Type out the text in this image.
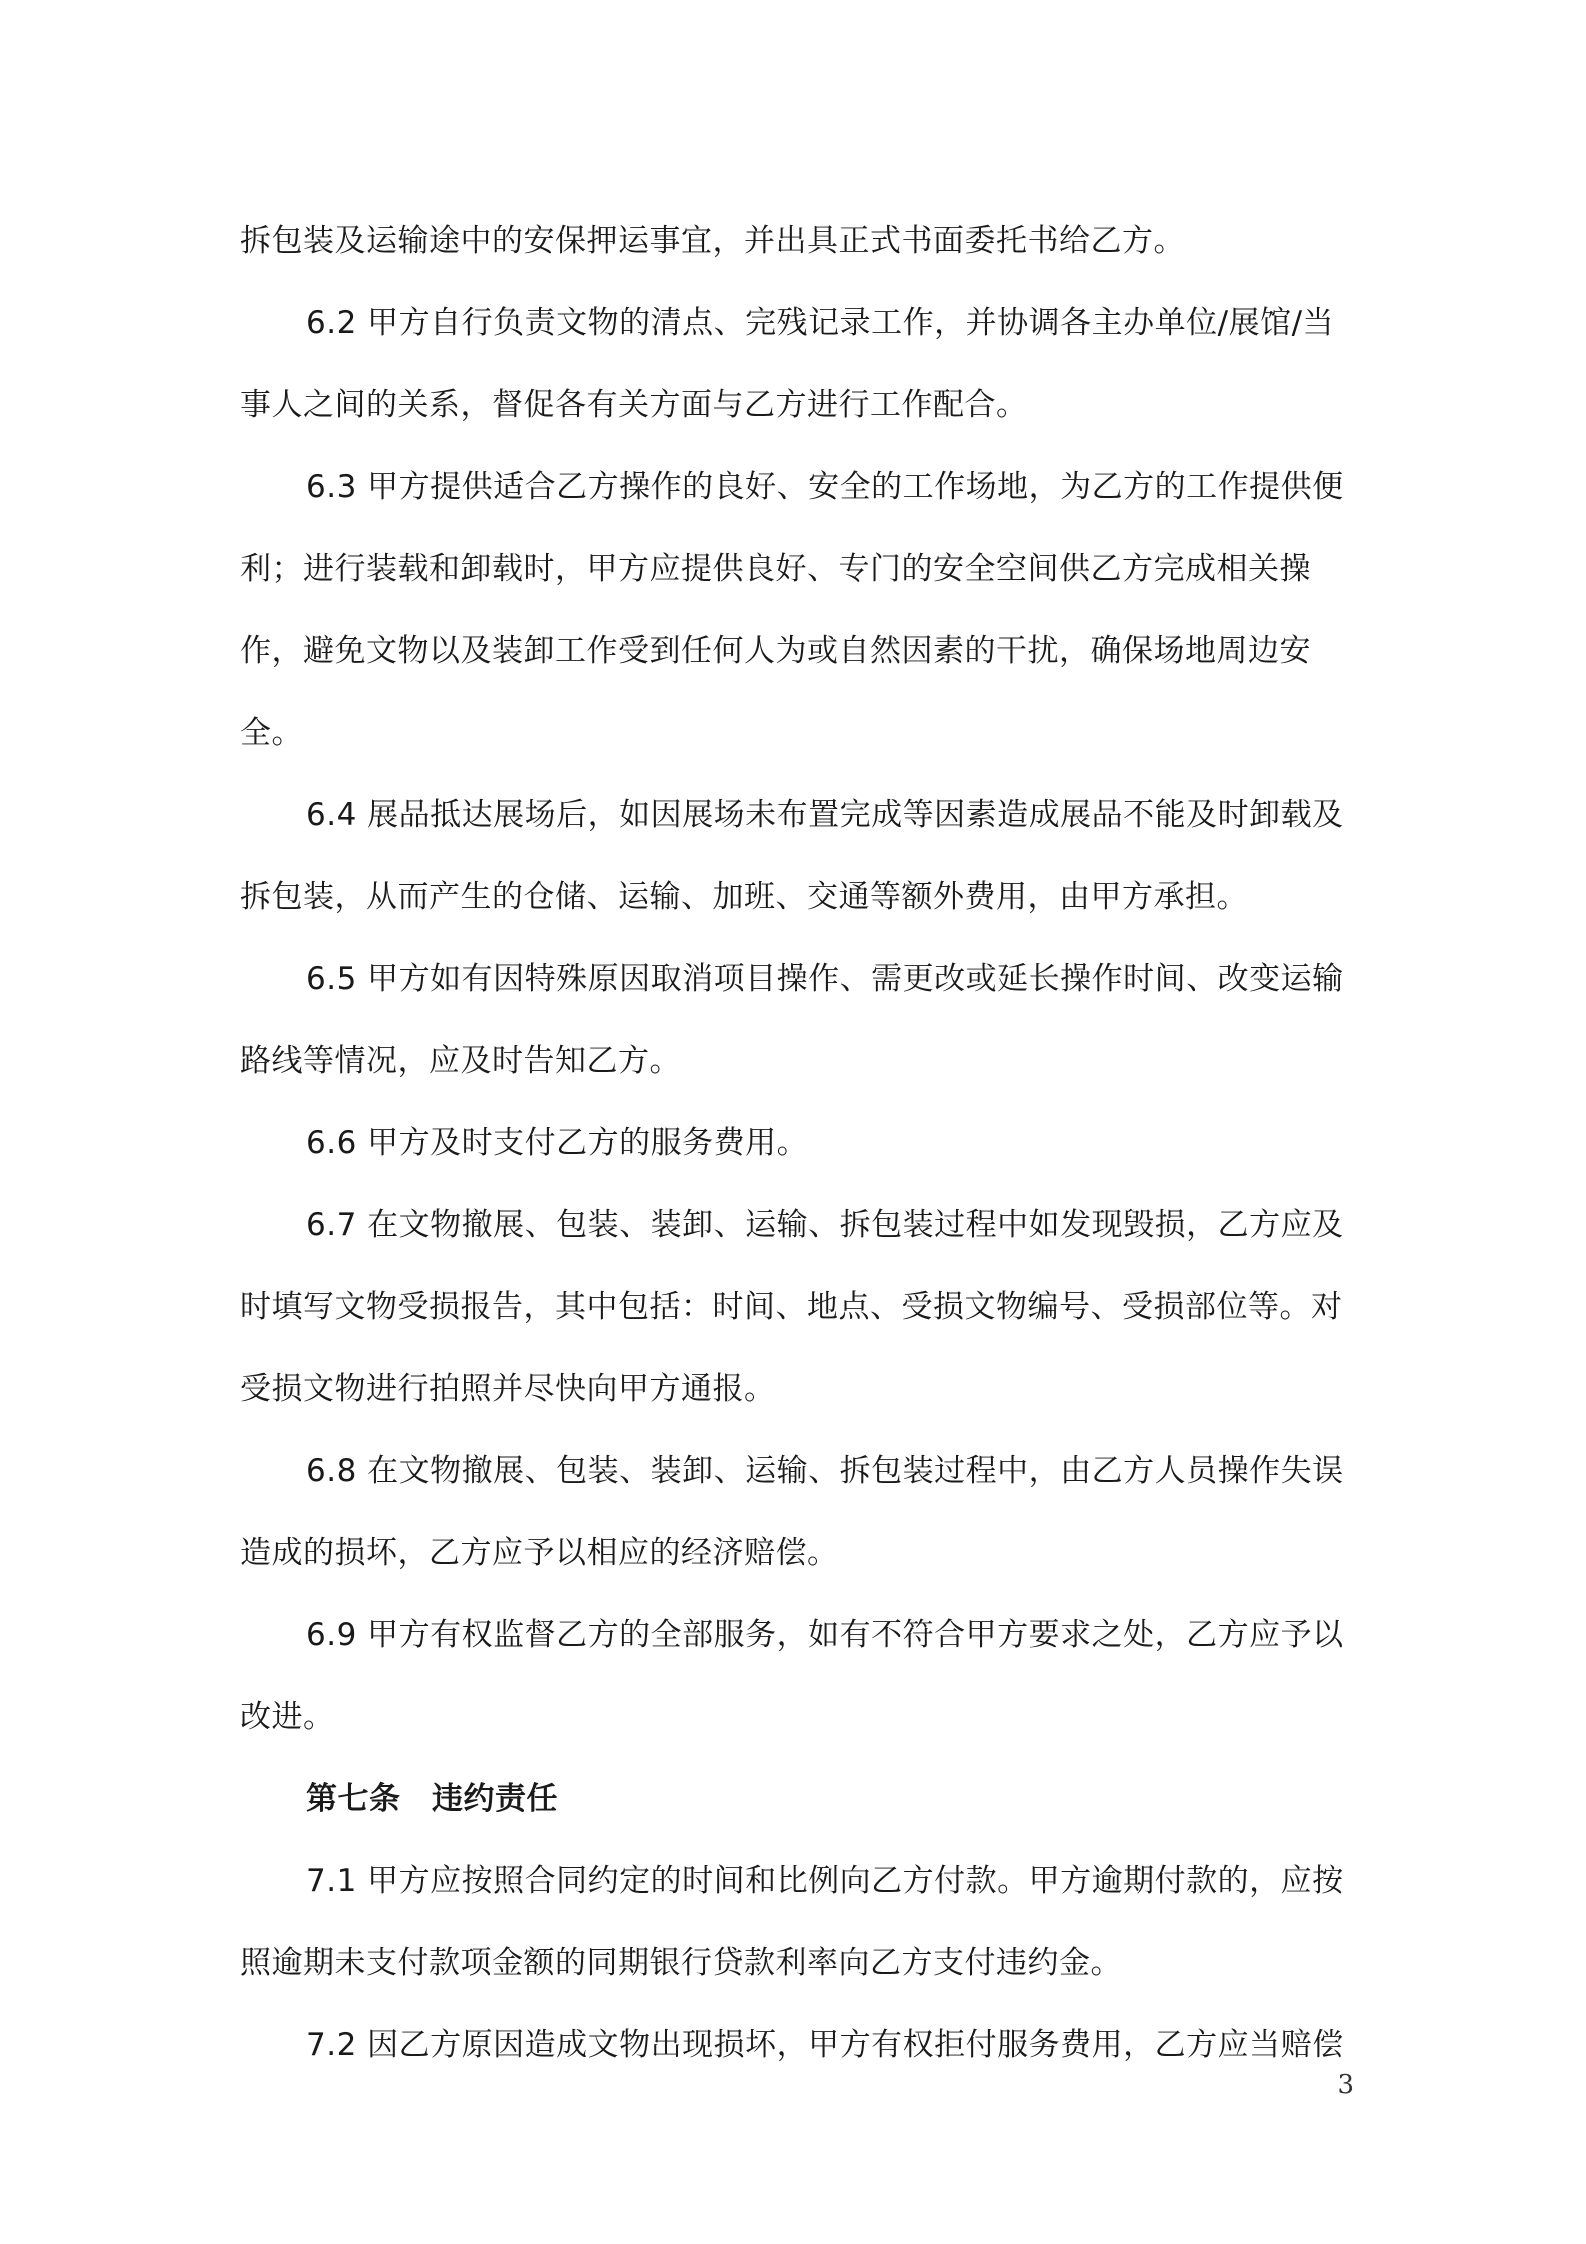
拆包装及运输途中的安保押运事宜，并出具正式书面委托书给乙方。

6.2 甲方自行负责文物的清点、完残记录工作，并协调各主办单位/展馆/当事人之间的关系，督促各有关方面与乙方进行工作配合。

6.3 甲方提供适合乙方操作的良好、安全的工作场地，为乙方的工作提供便利；进行装载和卸载时，甲方应提供良好、专门的安全空间供乙方完成相关操作，避免文物以及装卸工作受到任何人为或自然因素的干扰，确保场地周边安全。

6.4 展品抵达展场后，如因展场未布置完成等因素造成展品不能及时卸载及拆包装，从而产生的仓储、运输、加班、交通等额外费用，由甲方承担。

6.5 甲方如有因特殊原因取消项目操作、需更改或延长操作时间、改变运输路线等情况，应及时告知乙方。

6.6 甲方及时支付乙方的服务费用。

6.7 在文物撤展、包装、装卸、运输、拆包装过程中如发现毁损，乙方应及时填写文物受损报告，其中包括：时间、地点、受损文物编号、受损部位等。对受损文物进行拍照并尽快向甲方通报。

6.8 在文物撤展、包装、装卸、运输、拆包装过程中，由乙方人员操作失误造成的损坏，乙方应予以相应的经济赔偿。

6.9 甲方有权监督乙方的全部服务，如有不符合甲方要求之处，乙方应予以改进。

第七条　违约责任

7.1 甲方应按照合同约定的时间和比例向乙方付款。甲方逾期付款的，应按照逾期未支付款项金额的同期银行贷款利率向乙方支付违约金。

7.2 因乙方原因造成文物出现损坏，甲方有权拒付服务费用，乙方应当赔偿

3
